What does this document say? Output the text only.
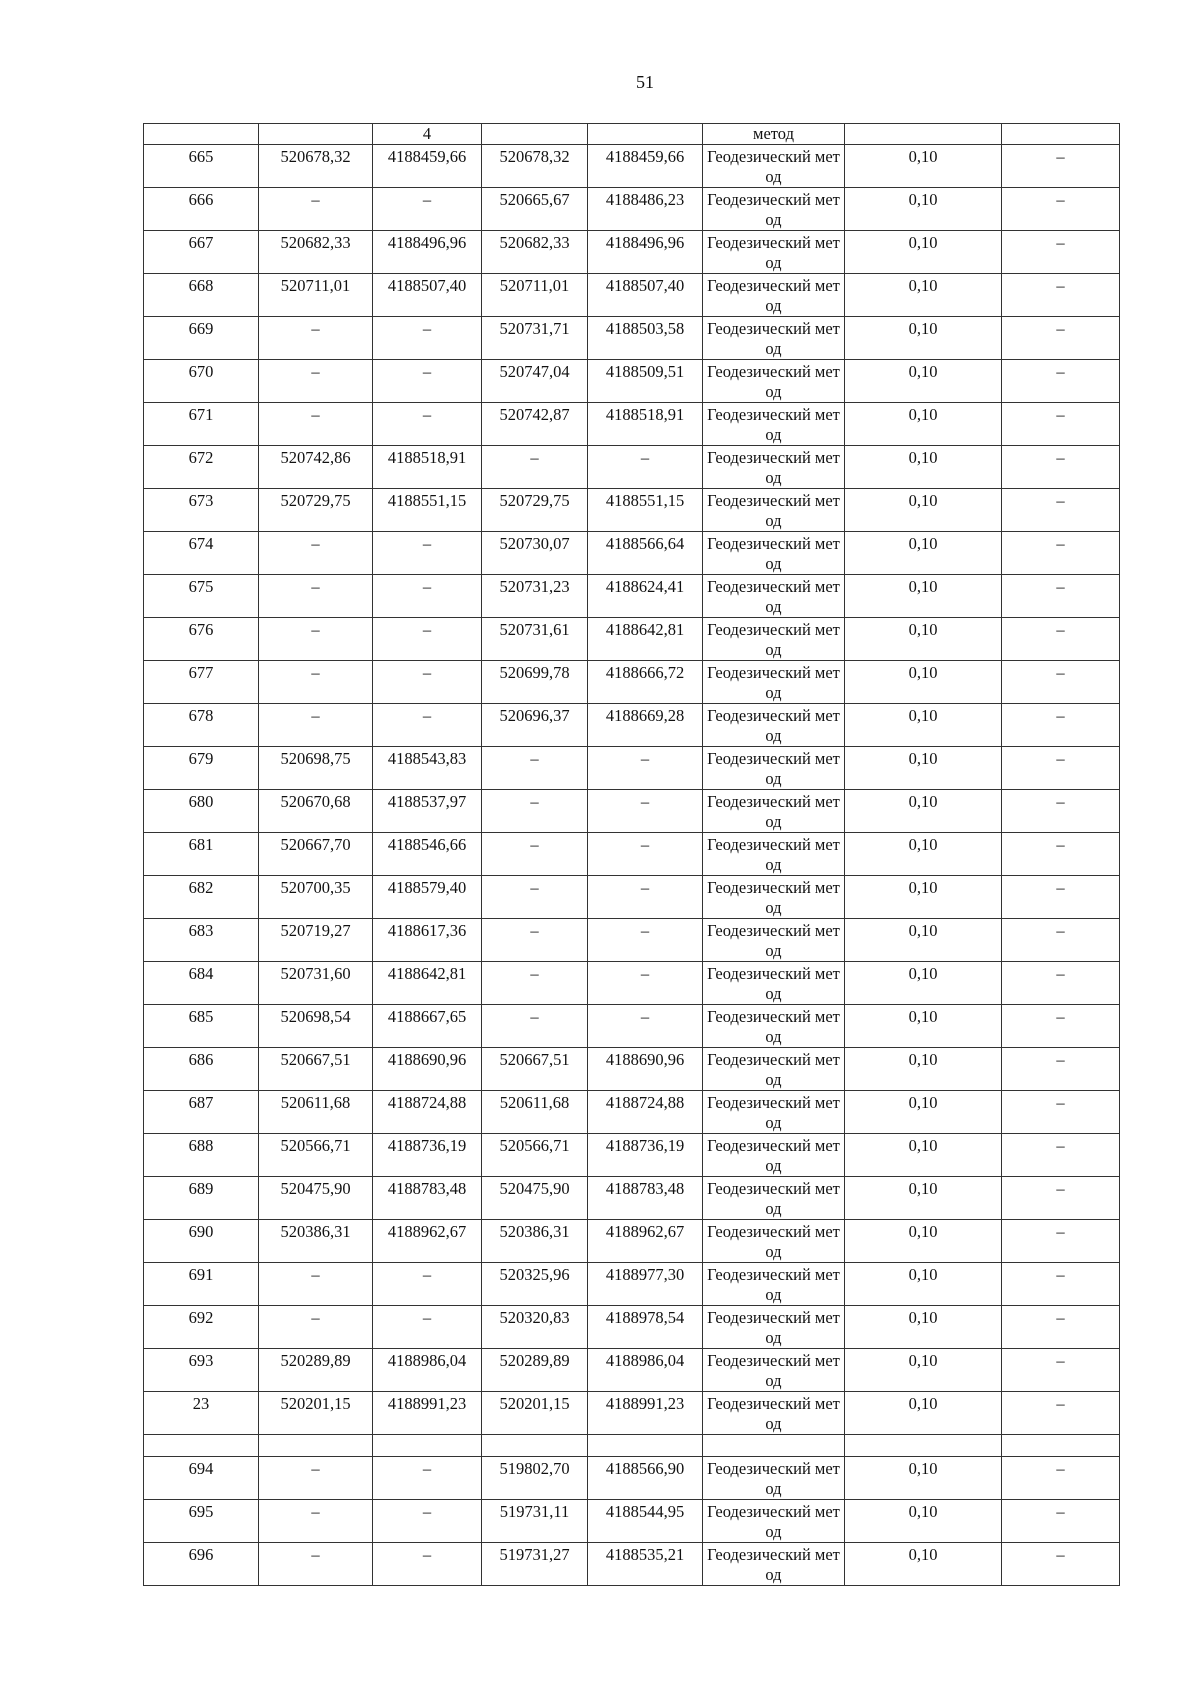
51
		4			метод		
665	520678,32	4188459,66	520678,32	4188459,66	Геодезический метод	0,10	–
666	–	–	520665,67	4188486,23	Геодезический метод	0,10	–
667	520682,33	4188496,96	520682,33	4188496,96	Геодезический метод	0,10	–
668	520711,01	4188507,40	520711,01	4188507,40	Геодезический метод	0,10	–
669	–	–	520731,71	4188503,58	Геодезический метод	0,10	–
670	–	–	520747,04	4188509,51	Геодезический метод	0,10	–
671	–	–	520742,87	4188518,91	Геодезический метод	0,10	–
672	520742,86	4188518,91	–	–	Геодезический метод	0,10	–
673	520729,75	4188551,15	520729,75	4188551,15	Геодезический метод	0,10	–
674	–	–	520730,07	4188566,64	Геодезический метод	0,10	–
675	–	–	520731,23	4188624,41	Геодезический метод	0,10	–
676	–	–	520731,61	4188642,81	Геодезический метод	0,10	–
677	–	–	520699,78	4188666,72	Геодезический метод	0,10	–
678	–	–	520696,37	4188669,28	Геодезический метод	0,10	–
679	520698,75	4188543,83	–	–	Геодезический метод	0,10	–
680	520670,68	4188537,97	–	–	Геодезический метод	0,10	–
681	520667,70	4188546,66	–	–	Геодезический метод	0,10	–
682	520700,35	4188579,40	–	–	Геодезический метод	0,10	–
683	520719,27	4188617,36	–	–	Геодезический метод	0,10	–
684	520731,60	4188642,81	–	–	Геодезический метод	0,10	–
685	520698,54	4188667,65	–	–	Геодезический метод	0,10	–
686	520667,51	4188690,96	520667,51	4188690,96	Геодезический метод	0,10	–
687	520611,68	4188724,88	520611,68	4188724,88	Геодезический метод	0,10	–
688	520566,71	4188736,19	520566,71	4188736,19	Геодезический метод	0,10	–
689	520475,90	4188783,48	520475,90	4188783,48	Геодезический метод	0,10	–
690	520386,31	4188962,67	520386,31	4188962,67	Геодезический метод	0,10	–
691	–	–	520325,96	4188977,30	Геодезический метод	0,10	–
692	–	–	520320,83	4188978,54	Геодезический метод	0,10	–
693	520289,89	4188986,04	520289,89	4188986,04	Геодезический метод	0,10	–
23	520201,15	4188991,23	520201,15	4188991,23	Геодезический метод	0,10	–

694	–	–	519802,70	4188566,90	Геодезический метод	0,10	–
695	–	–	519731,11	4188544,95	Геодезический метод	0,10	–
696	–	–	519731,27	4188535,21	Геодезический метод	0,10	–
